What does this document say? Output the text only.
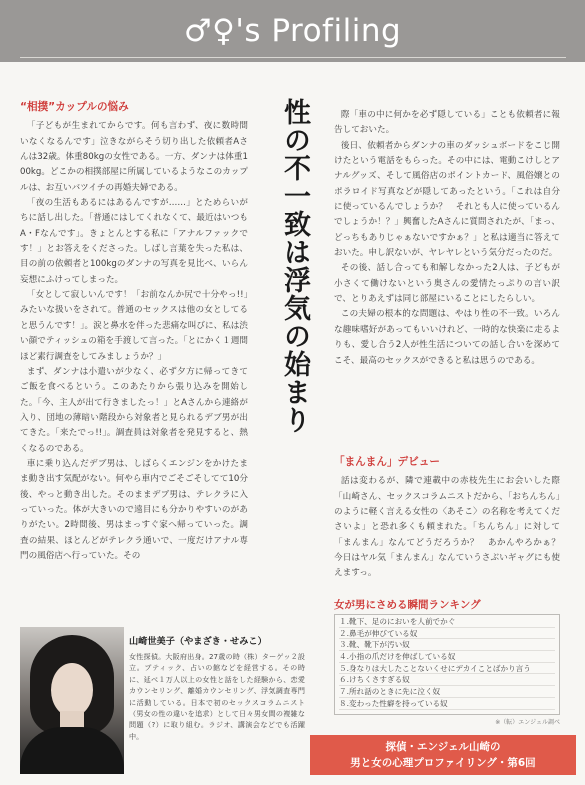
♂♀'s Profiling
“相撲”カップルの悩み

「子どもが生まれてからです。何も言わず、夜に数時間いなくなるんです」泣きながらそう切り出した依頼者Aさんは32歳。体重80kgの女性である。一方、ダンナは体重100kg。どこかの相撲部屋に所属しているようなこのカップルは、お互いバツイチの再婚夫婦である。

「夜の生活もあるにはあるんですが……」とためらいがちに話し出した。「普通にはしてくれなくて、最近はいつもA・Fなんです」。きょとんとする私に「アナルファックです！」とお答えをくださった。しばし言葉を失った私は、目の前の依頼者と100kgのダンナの写真を見比べ、いらん妄想にふけってしまった。

「女として寂しいんです！「お前なんか尻で十分やっ!!」みたいな扱いをされて。普通のセックスは他の女としてると思うんです！」。涙と鼻水を伴った悲痛な叫びに、私は渋い顔でティッシュの箱を手渡して言った。「とにかく１週間ほど素行調査をしてみましょうか？」

まず、ダンナは小遣いが少なく、必ず夕方に帰ってきてご飯を食べるという。このあたりから張り込みを開始した。「今、主人が出て行きましたっ！」とAさんから連絡が入り、団地の薄暗い階段から対象者と見られるデブ男が出てきた。「来たでっ!!」。調査員は対象者を発見すると、熱くなるのである。

車に乗り込んだデブ男は、しばらくエンジンをかけたまま動き出す気配がない。何やら車内でごそごそしてて10分後、やっと動き出した。そのままデブ男は、テレクラに入っていった。体が大きいので遠目にも分かりやすいのがありがたい。2時間後、男はまっすぐ家へ帰っていった。調査の結果、ほとんどがテレクラ通いで、一度だけアナル専門の風俗店へ行っていた。その

性の不一致は浮気の始まり	際「車の中に何かを必ず隠している」ことも依頼者に報告しておいた。

後日、依頼者からダンナの車のダッシュボードをこじ開けたという電話をもらった。その中には、電動こけしとアナルグッズ、そして風俗店のポイントカード、風俗嬢とのポラロイド写真などが隠してあったという。「これは自分に使っているんでしょうか？　それとも人に使っているんでしょうか！？」興奮したAさんに質問されたが、「まっ、どっちもありじゃぁないですかぁ？」と私は適当に答えておいた。申し訳ないが、ヤレヤレという気分だったのだ。

その後、話し合っても和解しなかった2人は、子どもが小さくて働けないという奥さんの愛情たっぷりの言い訳で、とりあえずは同じ部屋にいることにしたらしい。

この夫婦の根本的な問題は、やはり性の不一致。いろんな趣味嗜好があってもいいけれど、一時的な快楽に走るよりも、愛し合う2人が性生活についての話し合いを深めてこそ、最高のセックスができると私は思うのである。

「まんまん」デビュー

話は変わるが、隣で連載中の赤枝先生にお会いした際「山崎さん、セックスコラムニストだから、「おちんちん」のように軽く言える女性の〈あそこ〉の名称を考えてくださいよ」と恐れ多くも頼まれた。「ちんちん」に対して「まんまん」なんてどうだろうか？　あかんやろかぁ？　今日はヤル気「まんまん」なんていうさぶいギャグにも使えますっ。

女が男にさめる瞬間ランキング
１.靴下、足のにおいを人前でかぐ
２.鼻毛が伸びている奴
３.靴、靴下が汚い奴
４.小指の爪だけを伸ばしている奴
５.身なりは大したことないくせにデカイことばかり言う
６.けちくさすぎる奴
７.所れ話のときに先に泣く奴
８.変わった性癖を持っている奴
※（転）エンジェル調べ
山崎世美子（やまざき・せみこ）
女性探偵。大阪府出身。27歳の時（株）ターゲッ２設立。ブティック、占いの館などを経営する。その時に、延べ１万人以上の女性と話をした経験から、恋愛カウンセリング、離婚カウンセリング、浮気調査専門に活動している。日本で初のセックスコラムニスト（男女の性の違いを追求）として日々男女間の複雑な問題（?）に取り組む。ラジオ、講演会などでも活躍中。
探偵・エンジェル山崎の
男と女の心理プロファイリング・第6回
